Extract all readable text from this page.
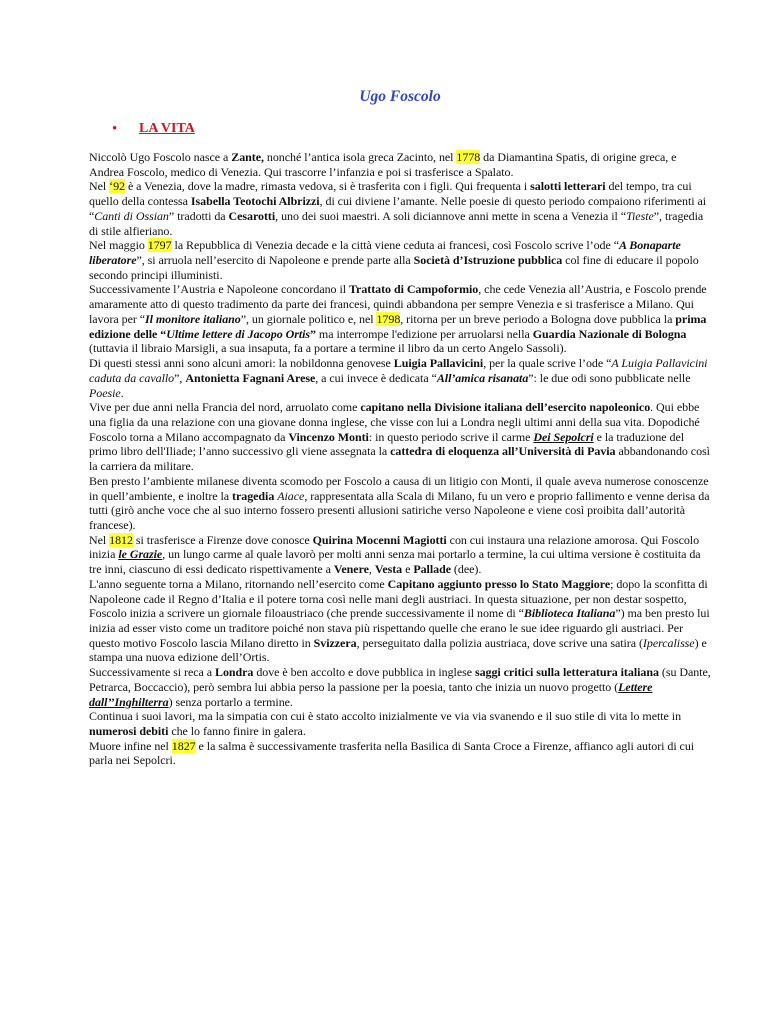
Ugo Foscolo
•	LA VITA

Niccolò Ugo Foscolo nasce a Zante, nonché l’antica isola greca Zacinto, nel 1778 da Diamantina Spatis, di origine greca, e Andrea Foscolo, medico di Venezia. Qui trascorre l’infanzia e poi si trasferisce a Spalato.

Nel ‘92 è a Venezia, dove la madre, rimasta vedova, si è trasferita con i figli. Qui frequenta i salotti letterari del tempo, tra cui quello della contessa Isabella Teotochi Albrizzi, di cui diviene l’amante. Nelle poesie di questo periodo compaiono riferimenti ai “Canti di Ossian” tradotti da Cesarotti, uno dei suoi maestri. A soli diciannove anni mette in scena a Venezia il “Tieste”, tragedia di stile alfieriano.

Nel maggio 1797 la Repubblica di Venezia decade e la città viene ceduta ai francesi, così Foscolo scrive l’ode “A Bonaparte liberatore”, si arruola nell’esercito di Napoleone e prende parte alla Società d’Istruzione pubblica col fine di educare il popolo secondo principi illuministi.

Successivamente l’Austria e Napoleone concordano il Trattato di Campoformio, che cede Venezia all’Austria, e Foscolo prende amaramente atto di questo tradimento da parte dei francesi, quindi abbandona per sempre Venezia e si trasferisce a Milano. Qui lavora per “Il monitore italiano”, un giornale politico e, nel 1798, ritorna per un breve periodo a Bologna dove pubblica la prima edizione delle “Ultime lettere di Jacopo Ortis” ma interrompe l'edizione per arruolarsi nella Guardia Nazionale di Bologna (tuttavia il libraio Marsigli, a sua insaputa, fa a portare a termine il libro da un certo Angelo Sassoli).

Di questi stessi anni sono alcuni amori: la nobildonna genovese Luigia Pallavicini, per la quale scrive l’ode “A Luigia Pallavicini caduta da cavallo”, Antonietta Fagnani Arese, a cui invece è dedicata “All’amica risanata”: le due odi sono pubblicate nelle Poesie.

Vive per due anni nella Francia del nord, arruolato come capitano nella Divisione italiana dell’esercito napoleonico. Qui ebbe una figlia da una relazione con una giovane donna inglese, che visse con lui a Londra negli ultimi anni della sua vita. Dopodiché Foscolo torna a Milano accompagnato da Vincenzo Monti: in questo periodo scrive il carme Dei Sepolcri e la traduzione del primo libro dell'Iliade; l’anno successivo gli viene assegnata la cattedra di eloquenza all’Università di Pavia abbandonando così la carriera da militare.

Ben presto l’ambiente milanese diventa scomodo per Foscolo a causa di un litigio con Monti, il quale aveva numerose conoscenze in quell’ambiente, e inoltre la tragedia Aiace, rappresentata alla Scala di Milano, fu un vero e proprio fallimento e venne derisa da tutti (girò anche voce che al suo interno fossero presenti allusioni satiriche verso Napoleone e viene così proibita dall’autorità francese).

Nel 1812 si trasferisce a Firenze dove conosce Quirina Mocenni Magiotti con cui instaura una relazione amorosa. Qui Foscolo inizia le Grazie, un lungo carme al quale lavorò per molti anni senza mai portarlo a termine, la cui ultima versione è costituita da tre inni, ciascuno di essi dedicato rispettivamente a Venere, Vesta e Pallade (dee).

L'anno seguente torna a Milano, ritornando nell’esercito come Capitano aggiunto presso lo Stato Maggiore; dopo la sconfitta di Napoleone cade il Regno d’Italia e il potere torna così nelle mani degli austriaci. In questa situazione, per non destar sospetto, Foscolo inizia a scrivere un giornale filoaustriaco (che prende successivamente il nome di “Biblioteca Italiana”) ma ben presto lui inizia ad esser visto come un traditore poiché non stava più rispettando quelle che erano le sue idee riguardo gli austriaci. Per questo motivo Foscolo lascia Milano diretto in Svizzera, perseguitato dalla polizia austriaca, dove scrive una satira (Ipercalisse) e stampa una nuova edizione dell’Ortis.

Successivamente si reca a Londra dove è ben accolto e dove pubblica in inglese saggi critici sulla letteratura italiana (su Dante, Petrarca, Boccaccio), però sembra lui abbia perso la passione per la poesia, tanto che inizia un nuovo progetto (Lettere dall’’Inghilterra) senza portarlo a termine.

Continua i suoi lavori, ma la simpatia con cui è stato accolto inizialmente ve via via svanendo e il suo stile di vita lo mette in numerosi debiti che lo fanno finire in galera.

Muore infine nel 1827 e la salma è successivamente trasferita nella Basilica di Santa Croce a Firenze, affianco agli autori di cui parla nei Sepolcri.
